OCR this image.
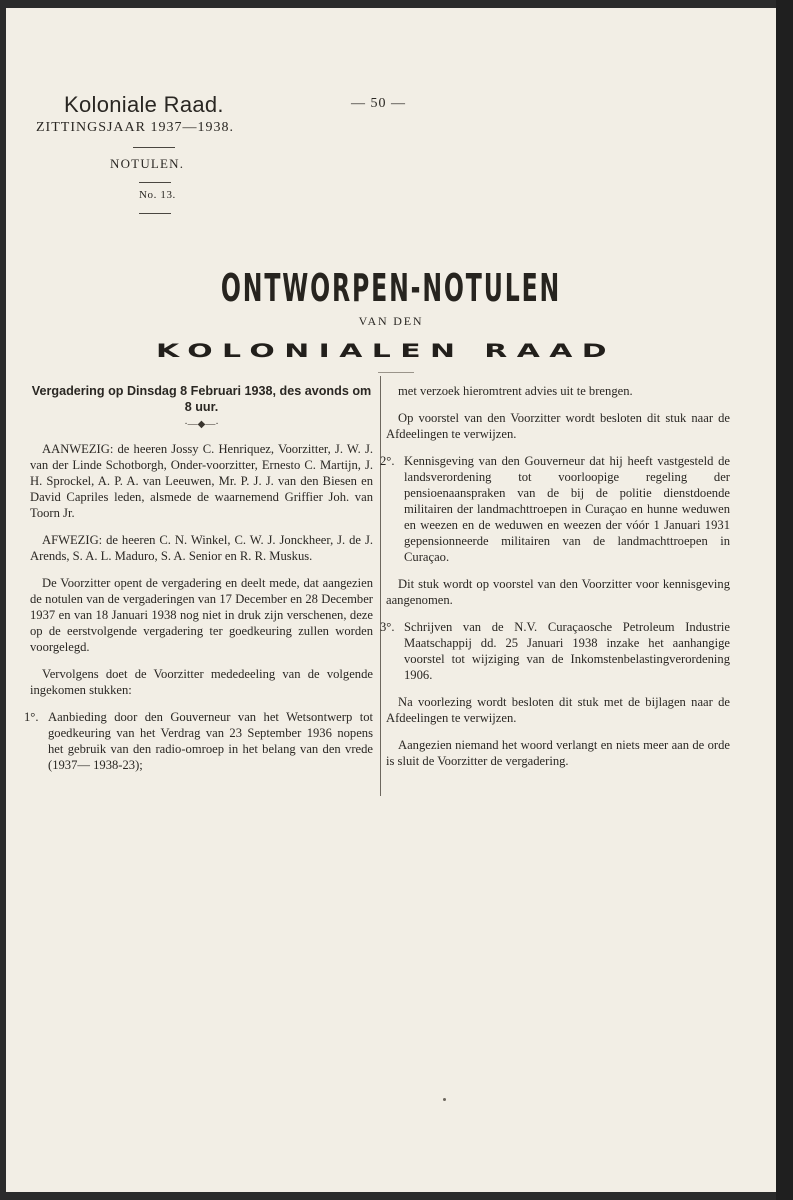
Koloniale Raad.
ZITTINGSJAAR 1937—1938.
— 50 —
NOTULEN.
No. 13.
ONTWORPEN-NOTULEN
VAN DEN
KOLONIALEN RAAD
Vergadering op Dinsdag 8 Februari 1938, des avonds om 8 uur.
·—◆—·

AANWEZIG: de heeren Jossy C. Henriquez, Voorzitter, J. W. J. van der Linde Schotborgh, Onder-voorzitter, Ernesto C. Martijn, J. H. Sprockel, A. P. A. van Leeuwen, Mr. P. J. J. van den Biesen en David Capriles leden, alsmede de waarnemend Griffier Joh. van Toorn Jr.

AFWEZIG: de heeren C. N. Winkel, C. W. J. Jonckheer, J. de J. Arends, S. A. L. Maduro, S. A. Senior en R. R. Muskus.

De Voorzitter opent de vergadering en deelt mede, dat aangezien de notulen van de vergaderingen van 17 December en 28 December 1937 en van 18 Januari 1938 nog niet in druk zijn verschenen, deze op de eerstvolgende vergadering ter goedkeuring zullen worden voorgelegd.

Vervolgens doet de Voorzitter mededeeling van de volgende ingekomen stukken:

1°. Aanbieding door den Gouverneur van het Wetsontwerp tot goedkeuring van het Verdrag van 23 September 1936 nopens het gebruik van den radio-omroep in het belang van den vrede (1937— 1938-23);

met verzoek hieromtrent advies uit te brengen.

Op voorstel van den Voorzitter wordt besloten dit stuk naar de Afdeelingen te verwijzen.

2°. Kennisgeving van den Gouverneur dat hij heeft vastgesteld de landsverordening tot voorloopige regeling der pensioenaanspraken van de bij de politie dienstdoende militairen der landmachttroepen in Curaçao en hunne weduwen en weezen en de weduwen en weezen der vóór 1 Januari 1931 gepensionneerde militairen van de landmachttroepen in Curaçao.

Dit stuk wordt op voorstel van den Voorzitter voor kennisgeving aangenomen.

3°. Schrijven van de N.V. Curaçaosche Petroleum Industrie Maatschappij dd. 25 Januari 1938 inzake het aanhangige voorstel tot wijziging van de Inkomstenbelastingverordening 1906.

Na voorlezing wordt besloten dit stuk met de bijlagen naar de Afdeelingen te verwijzen.

Aangezien niemand het woord verlangt en niets meer aan de orde is sluit de Voorzitter de vergadering.
